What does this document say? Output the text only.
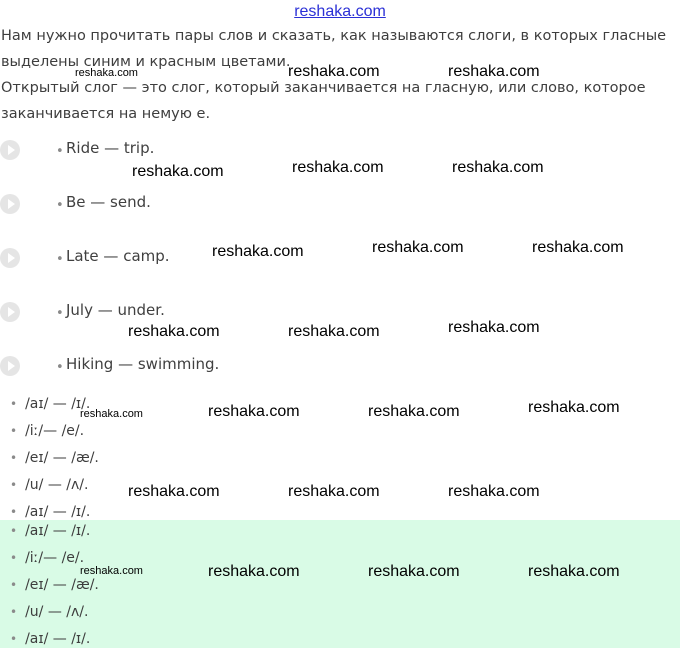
reshaka.com

Нам нужно прочитать пары слов и сказать, как называются слоги, в которых гласные выделены синим и красным цветами.

Открытый слог — это слог, который заканчивается на гласную, или слово, которое заканчивается на немую е.

• Ride — trip.
• Be — send.
• Late — camp.
• July — under.
• Hiking — swimming.
• /aɪ/ — /ɪ/.
• /iː/— /e/.
• /eɪ/ — /æ/.
• /u/ — /ʌ/.
• /aɪ/ — /ɪ/.
• /aɪ/ — /ɪ/.
• /iː/— /e/.
• /eɪ/ — /æ/.
• /u/ — /ʌ/.
• /aɪ/ — /ɪ/.
reshaka.com	reshaka.com	reshaka.com
reshaka.com	reshaka.com	reshaka.com
reshaka.com	reshaka.com	reshaka.com
reshaka.com	reshaka.com	reshaka.com
reshaka.com	reshaka.com	reshaka.com	reshaka.com
reshaka.com	reshaka.com	reshaka.com
reshaka.com	reshaka.com	reshaka.com	reshaka.com
